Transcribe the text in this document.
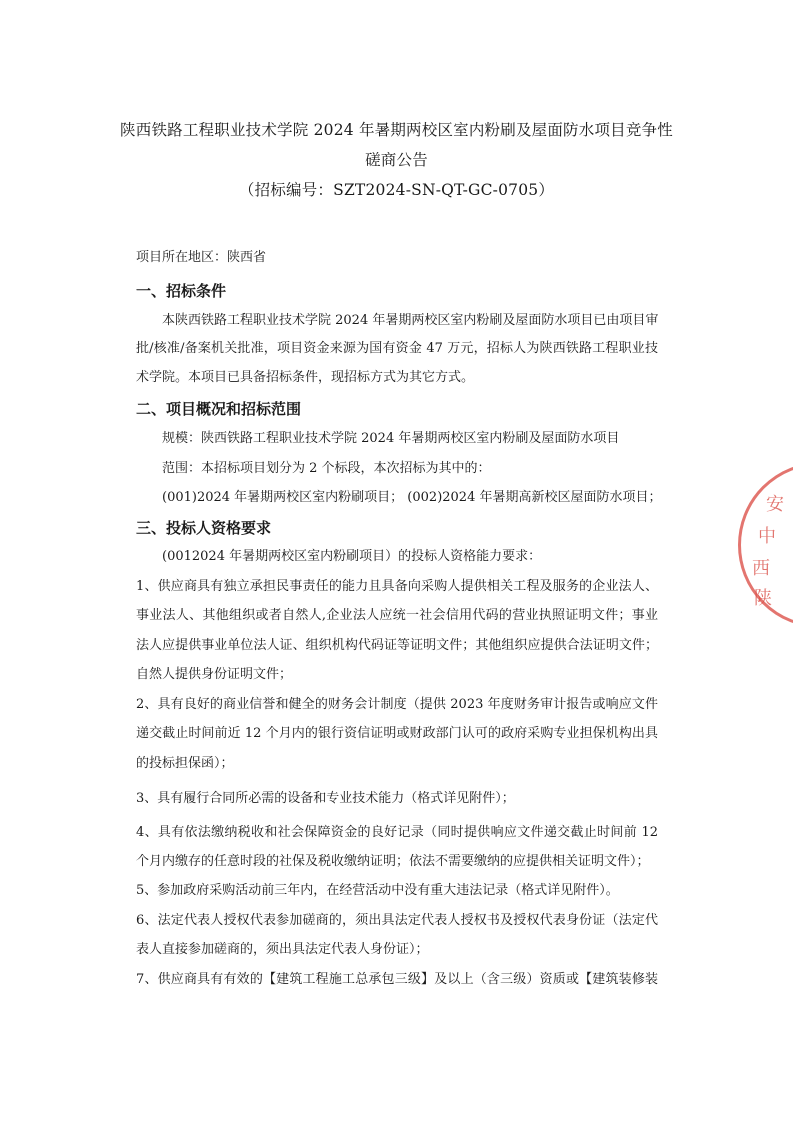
陕西铁路工程职业技术学院 2024 年暑期两校区室内粉刷及屋面防水项目竞争性
磋商公告
（招标编号：SZT2024-SN-QT-GC-0705）
项目所在地区：陕西省
一、招标条件
本陕西铁路工程职业技术学院 2024 年暑期两校区室内粉刷及屋面防水项目已由项目审
批/核准/备案机关批准，项目资金来源为国有资金 47 万元，招标人为陕西铁路工程职业技
术学院。本项目已具备招标条件，现招标方式为其它方式。
二、项目概况和招标范围
规模：陕西铁路工程职业技术学院 2024 年暑期两校区室内粉刷及屋面防水项目
范围：本招标项目划分为 2 个标段，本次招标为其中的：
(001)2024 年暑期两校区室内粉刷项目； (002)2024 年暑期高新校区屋面防水项目；
三、投标人资格要求
(0012024 年暑期两校区室内粉刷项目）的投标人资格能力要求：
1、供应商具有独立承担民事责任的能力且具备向采购人提供相关工程及服务的企业法人、
事业法人、其他组织或者自然人,企业法人应统一社会信用代码的营业执照证明文件；事业
法人应提供事业单位法人证、组织机构代码证等证明文件；其他组织应提供合法证明文件；
自然人提供身份证明文件；
2、具有良好的商业信誉和健全的财务会计制度（提供 2023 年度财务审计报告或响应文件
递交截止时间前近 12 个月内的银行资信证明或财政部门认可的政府采购专业担保机构出具
的投标担保函）；
3、具有履行合同所必需的设备和专业技术能力（格式详见附件）；
4、具有依法缴纳税收和社会保障资金的良好记录（同时提供响应文件递交截止时间前 12
个月内缴存的任意时段的社保及税收缴纳证明；依法不需要缴纳的应提供相关证明文件）；
5、参加政府采购活动前三年内，在经营活动中没有重大违法记录（格式详见附件）。
6、法定代表人授权代表参加磋商的，须出具法定代表人授权书及授权代表身份证（法定代
表人直接参加磋商的，须出具法定代表人身份证）；
7、供应商具有有效的【建筑工程施工总承包三级】及以上（含三级）资质或【建筑装修装
安
中
西
陕
